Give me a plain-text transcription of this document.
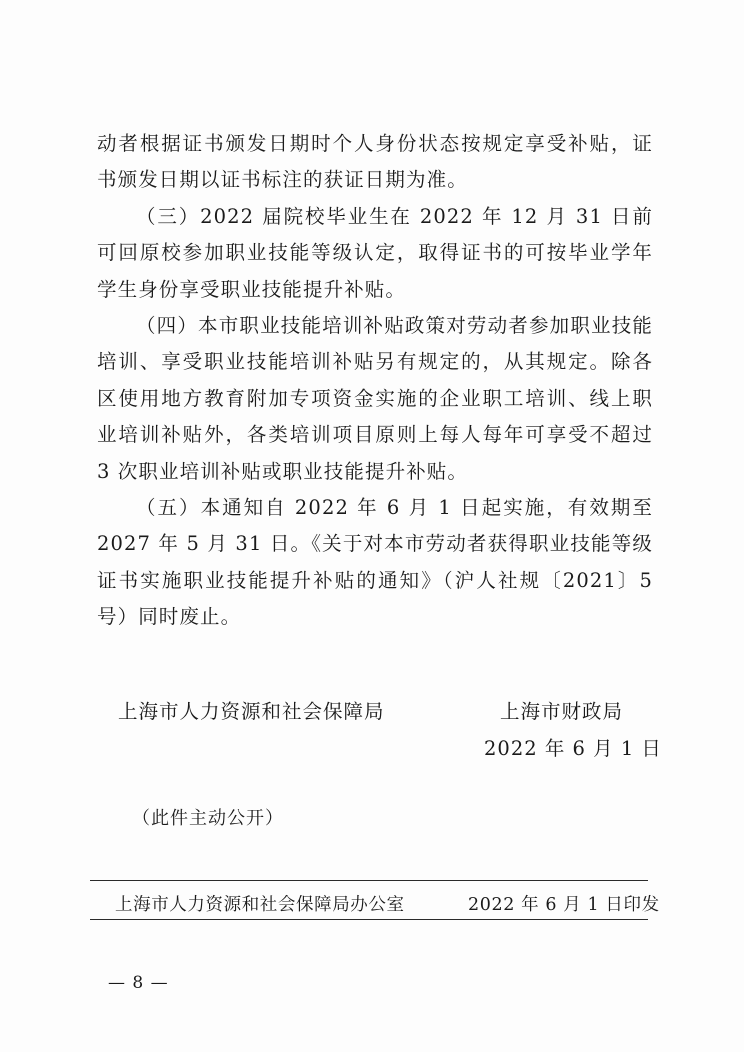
动者根据证书颁发日期时个人身份状态按规定享受补贴，证书颁发日期以证书标注的获证日期为准。

（三）2022 届院校毕业生在 2022 年 12 月 31 日前可回原校参加职业技能等级认定，取得证书的可按毕业学年学生身份享受职业技能提升补贴。

（四）本市职业技能培训补贴政策对劳动者参加职业技能培训、享受职业技能培训补贴另有规定的，从其规定。除各区使用地方教育附加专项资金实施的企业职工培训、线上职业培训补贴外，各类培训项目原则上每人每年可享受不超过 3 次职业培训补贴或职业技能提升补贴。

（五）本通知自 2022 年 6 月 1 日起实施，有效期至 2027 年 5 月 31 日。《关于对本市劳动者获得职业技能等级证书实施职业技能提升补贴的通知》（沪人社规〔2021〕5 号）同时废止。

上海市人力资源和社会保障局	上海市财政局
2022 年 6 月 1 日
（此件主动公开）
上海市人力资源和社会保障局办公室	2022 年 6 月 1 日印发
— 8 —
